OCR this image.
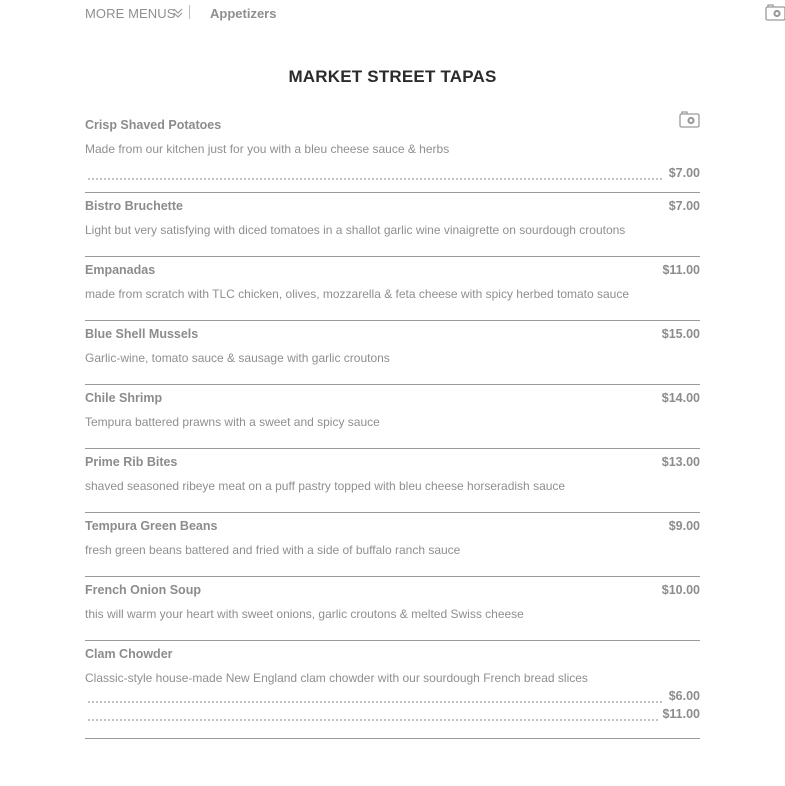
MORE MENUS	Appetizers
MARKET STREET TAPAS
Crisp Shaved Potatoes
Made from our kitchen just for you with a bleu cheese sauce & herbs
$7.00
Bistro Bruchette	$7.00
Light but very satisfying with diced tomatoes in a shallot garlic wine vinaigrette on sourdough croutons
Empanadas	$11.00
made from scratch with TLC chicken, olives, mozzarella & feta cheese with spicy herbed tomato sauce
Blue Shell Mussels	$15.00
Garlic-wine, tomato sauce & sausage with garlic croutons
Chile Shrimp	$14.00
Tempura battered prawns with a sweet and spicy sauce
Prime Rib Bites	$13.00
shaved seasoned ribeye meat on a puff pastry topped with bleu cheese horseradish sauce
Tempura Green Beans	$9.00
fresh green beans battered and fried with a side of buffalo ranch sauce
French Onion Soup	$10.00
this will warm your heart with sweet onions, garlic croutons & melted Swiss cheese
Clam Chowder
Classic-style house-made New England clam chowder with our sourdough French bread slices
$6.00
$11.00
